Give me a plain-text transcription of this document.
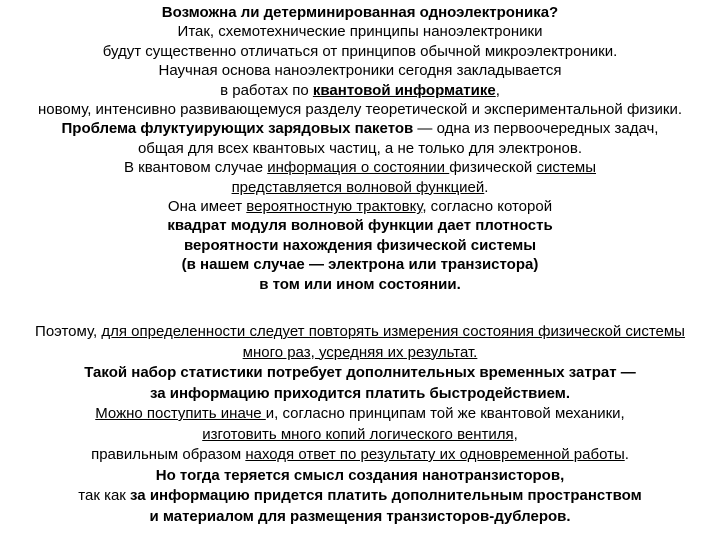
Возможна ли детерминированная одноэлектроника?
Итак, схемотехнические принципы наноэлектроники
будут существенно отличаться от принципов обычной микроэлектроники.
Научная основа наноэлектроники сегодня закладывается
в работах по квантовой информатике,
новому, интенсивно развивающемуся разделу теоретической и экспериментальной физики.
Проблема флуктуирующих зарядовых пакетов — одна из первоочередных задач,
общая для всех квантовых частиц, а не только для электронов.
В квантовом случае информация о состоянии физической системы
представляется волновой функцией.
Она имеет вероятностную трактовку, согласно которой
квадрат модуля волновой функции дает плотность
вероятности нахождения физической системы
(в нашем случае — электрона или транзистора)
в том или ином состоянии.
Поэтому, для определенности следует повторять измерения состояния физической системы
много раз, усредняя их результат.
Такой набор статистики потребует дополнительных временных затрат —
за информацию приходится платить быстродействием.
Можно поступить иначе и, согласно принципам той же квантовой механики,
изготовить много копий логического вентиля,
правильным образом находя ответ по результату их одновременной работы.
Но тогда теряется смысл создания нанотранзисторов,
так как за информацию придется платить дополнительным пространством
и материалом для размещения транзисторов-дублеров.
